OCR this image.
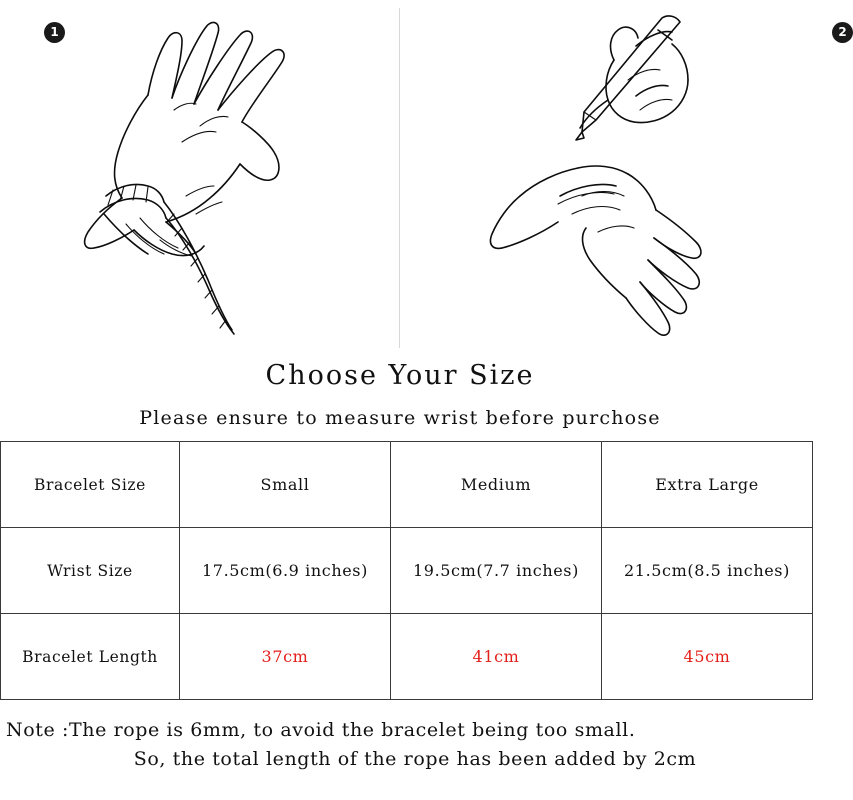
1	2
Choose Your Size
Please ensure to measure wrist before purchose
Bracelet Size	Small	Medium	Extra Large
Wrist Size	17.5cm(6.9 inches)	19.5cm(7.7 inches)	21.5cm(8.5 inches)
Bracelet Length	37cm	41cm	45cm
Note :The rope is 6mm, to avoid the bracelet being too small.
So, the total length of the rope has been added by 2cm
